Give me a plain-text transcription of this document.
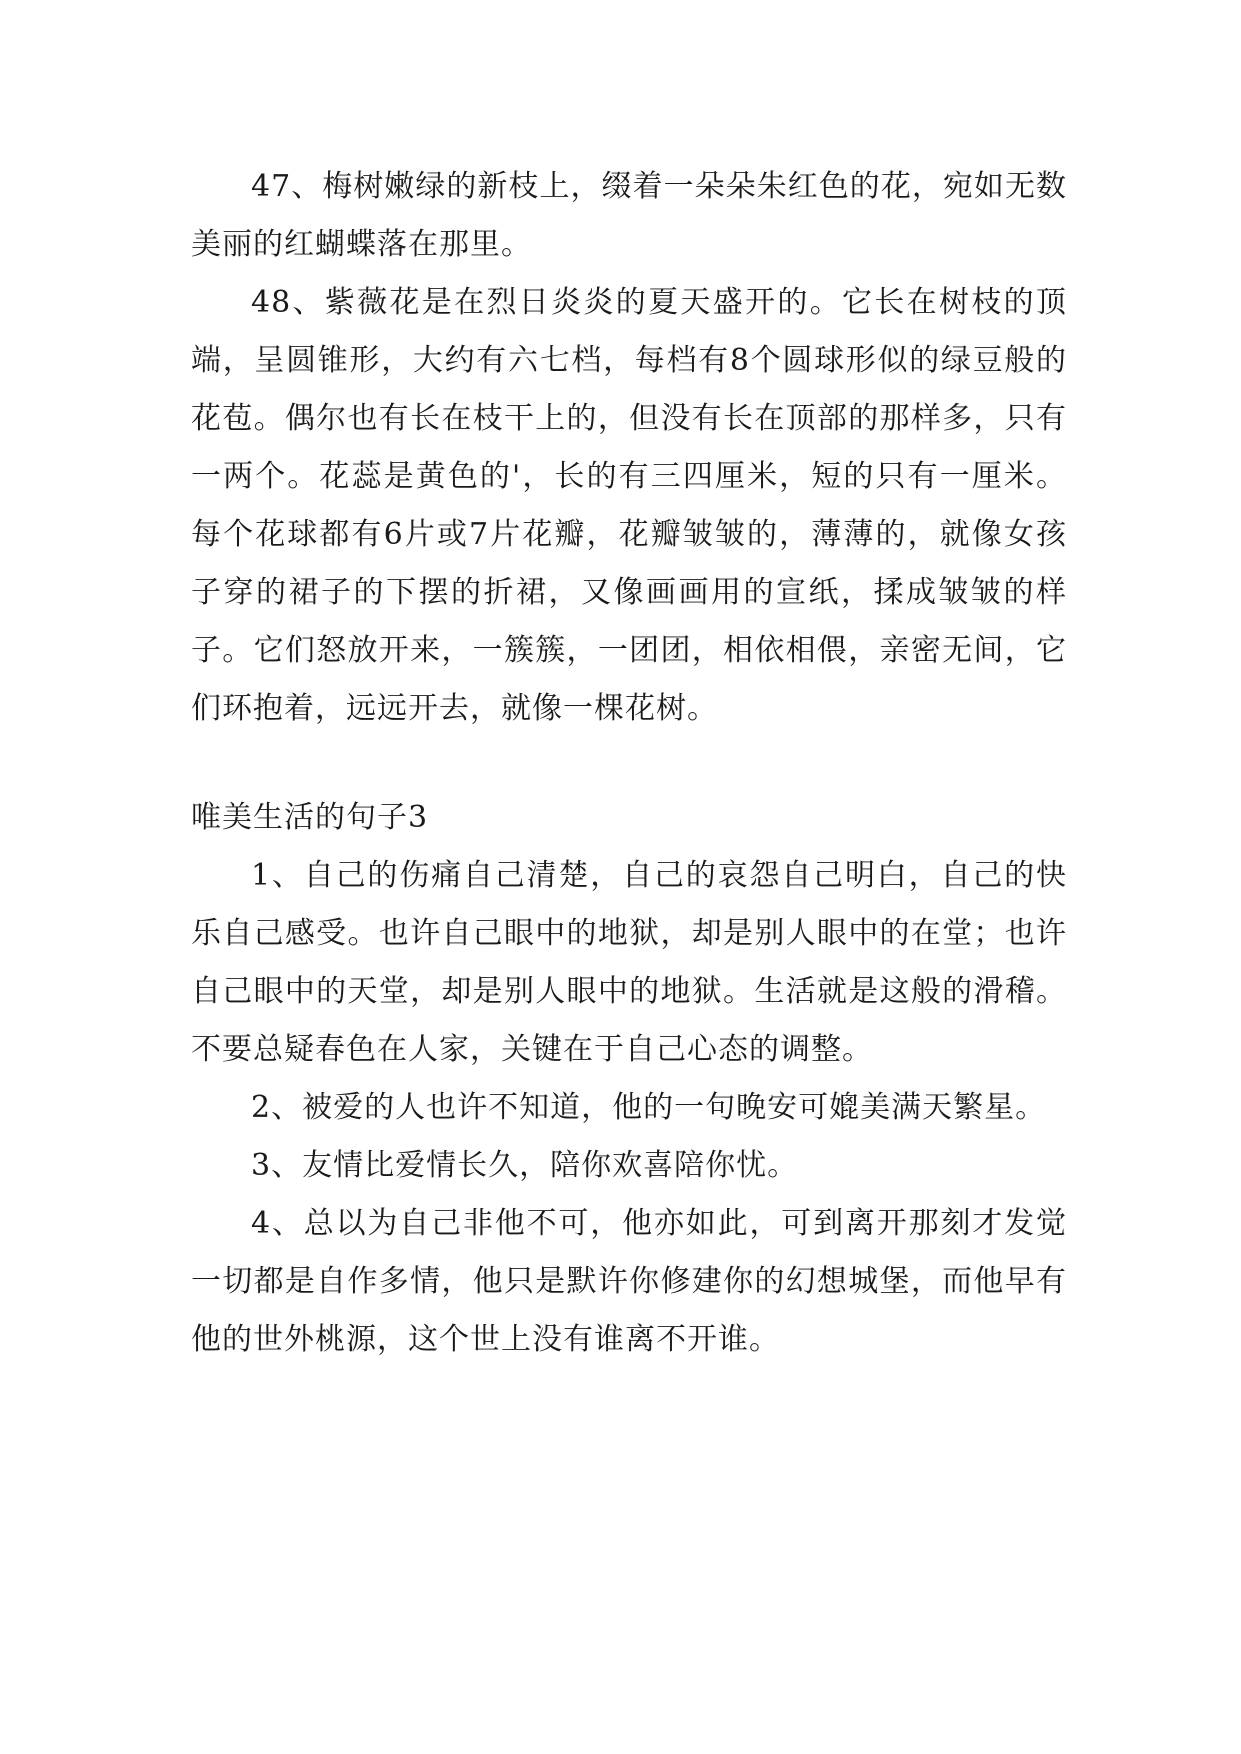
47、梅树嫩绿的新枝上，缀着一朵朵朱红色的花，宛如无数美丽的红蝴蝶落在那里。

48、紫薇花是在烈日炎炎的夏天盛开的。它长在树枝的顶端，呈圆锥形，大约有六七档，每档有8个圆球形似的绿豆般的花苞。偶尔也有长在枝干上的，但没有长在顶部的那样多，只有一两个。花蕊是黄色的'，长的有三四厘米，短的只有一厘米。每个花球都有6片或7片花瓣，花瓣皱皱的，薄薄的，就像女孩子穿的裙子的下摆的折裙，又像画画用的宣纸，揉成皱皱的样子。它们怒放开来，一簇簇，一团团，相依相偎，亲密无间，它们环抱着，远远开去，就像一棵花树。

唯美生活的句子3

1、自己的伤痛自己清楚，自己的哀怨自己明白，自己的快乐自己感受。也许自己眼中的地狱，却是别人眼中的在堂；也许自己眼中的天堂，却是别人眼中的地狱。生活就是这般的滑稽。不要总疑春色在人家，关键在于自己心态的调整。

2、被爱的人也许不知道，他的一句晚安可媲美满天繁星。

3、友情比爱情长久，陪你欢喜陪你忧。

4、总以为自己非他不可，他亦如此，可到离开那刻才发觉一切都是自作多情，他只是默许你修建你的幻想城堡，而他早有他的世外桃源，这个世上没有谁离不开谁。
